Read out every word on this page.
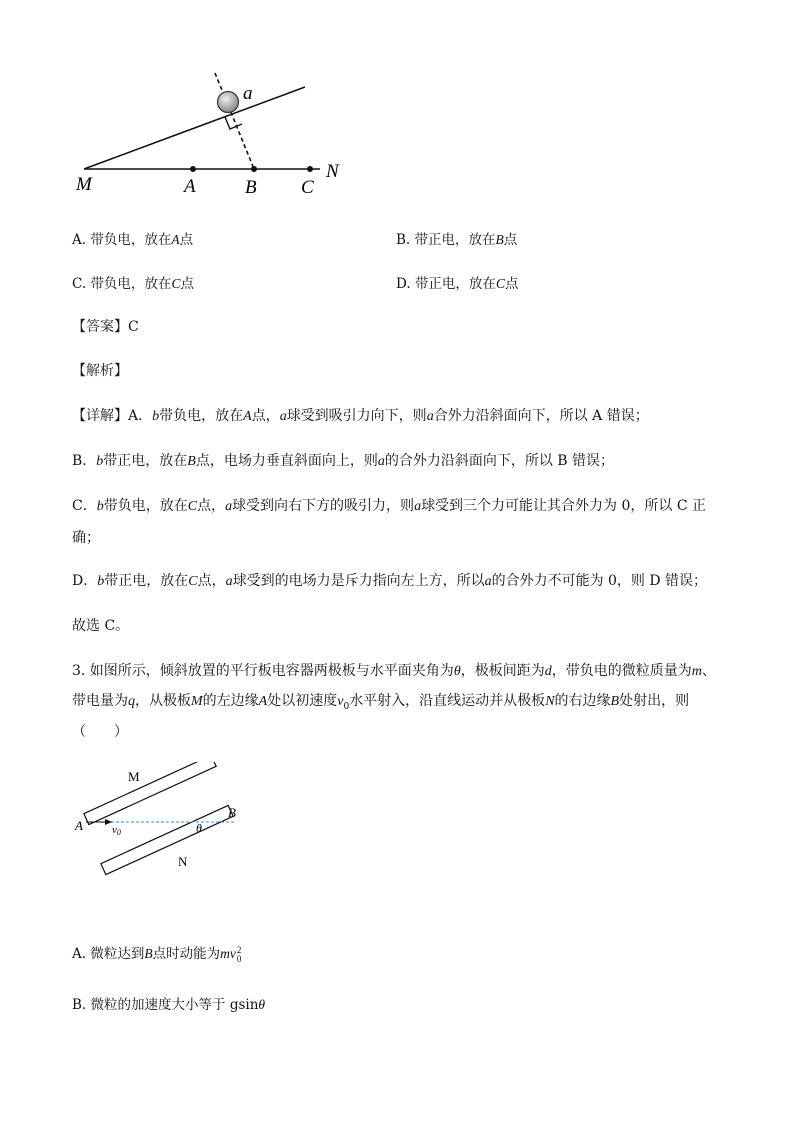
a
M	A	B C
N
A. 带负电，放在A点	B. 带正电，放在B点
C. 带负电，放在C点	D. 带正电，放在C点
【答案】C
【解析】
【详解】A．b带负电，放在A点，a球受到吸引力向下，则a合外力沿斜面向下，所以 A 错误；
B．b带正电，放在B点，电场力垂直斜面向上，则a的合外力沿斜面向下，所以 B 错误；
C．b带负电，放在C点，a球受到向右下方的吸引力，则a球受到三个力可能让其合外力为 0，所以 C 正
确；
D．b带正电，放在C点，a球受到的电场力是斥力指向左上方，所以a的合外力不可能为 0，则 D 错误；
故选 C。
3. 如图所示，倾斜放置的平行板电容器两极板与水平面夹角为θ，极板间距为d，带负电的微粒质量为m、
带电量为q，从极板M的左边缘A处以初速度$v_0$水平射入，沿直线运动并从极板N的右边缘B处射出，则
（　　）
M
N
A
B
θ
v0
A. 微粒达到B点时动能为mv 2
0
B. 微粒的加速度大小等于 gsinθ
